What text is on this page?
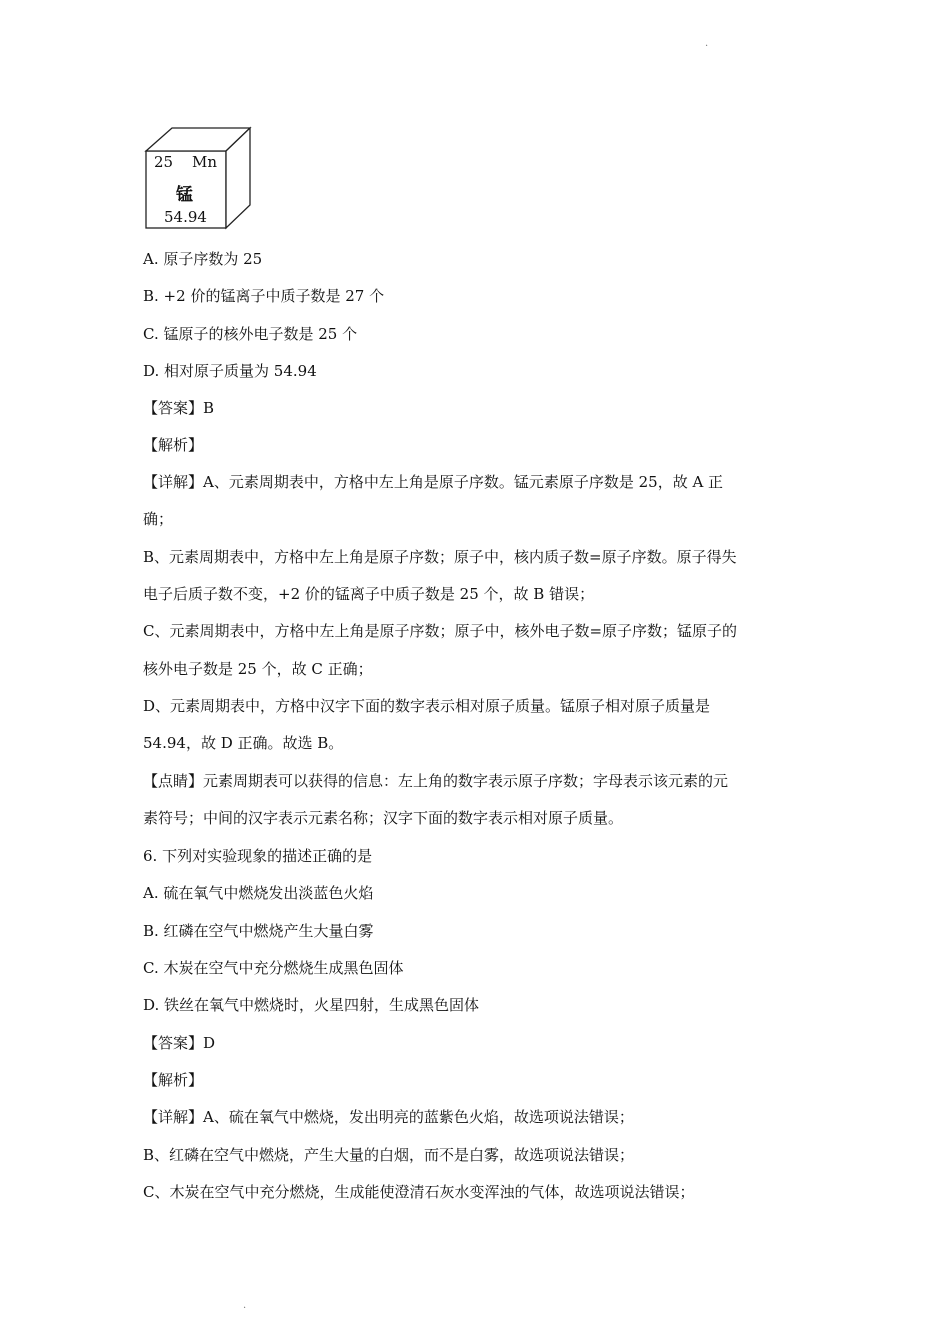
.
25 Mn
锰
54.94
A. 原子序数为 25
B. +2 价的锰离子中质子数是 27 个
C. 锰原子的核外电子数是 25 个
D. 相对原子质量为 54.94
【答案】B
【解析】
【详解】A、元素周期表中，方格中左上角是原子序数。锰元素原子序数是 25，故 A 正
确；
B、元素周期表中，方格中左上角是原子序数；原子中，核内质子数=原子序数。原子得失
电子后质子数不变，+2 价的锰离子中质子数是 25 个，故 B 错误；
C、元素周期表中，方格中左上角是原子序数；原子中，核外电子数=原子序数；锰原子的
核外电子数是 25 个，故 C 正确；
D、元素周期表中，方格中汉字下面的数字表示相对原子质量。锰原子相对原子质量是
54.94，故 D 正确。故选 B。
【点睛】元素周期表可以获得的信息：左上角的数字表示原子序数；字母表示该元素的元
素符号；中间的汉字表示元素名称；汉字下面的数字表示相对原子质量。
6. 下列对实验现象的描述正确的是
A. 硫在氧气中燃烧发出淡蓝色火焰
B. 红磷在空气中燃烧产生大量白雾
C. 木炭在空气中充分燃烧生成黑色固体
D. 铁丝在氧气中燃烧时，火星四射，生成黑色固体
【答案】D
【解析】
【详解】A、硫在氧气中燃烧，发出明亮的蓝紫色火焰，故选项说法错误；
B、红磷在空气中燃烧，产生大量的白烟，而不是白雾，故选项说法错误；
C、木炭在空气中充分燃烧，生成能使澄清石灰水变浑浊的气体，故选项说法错误；
.
